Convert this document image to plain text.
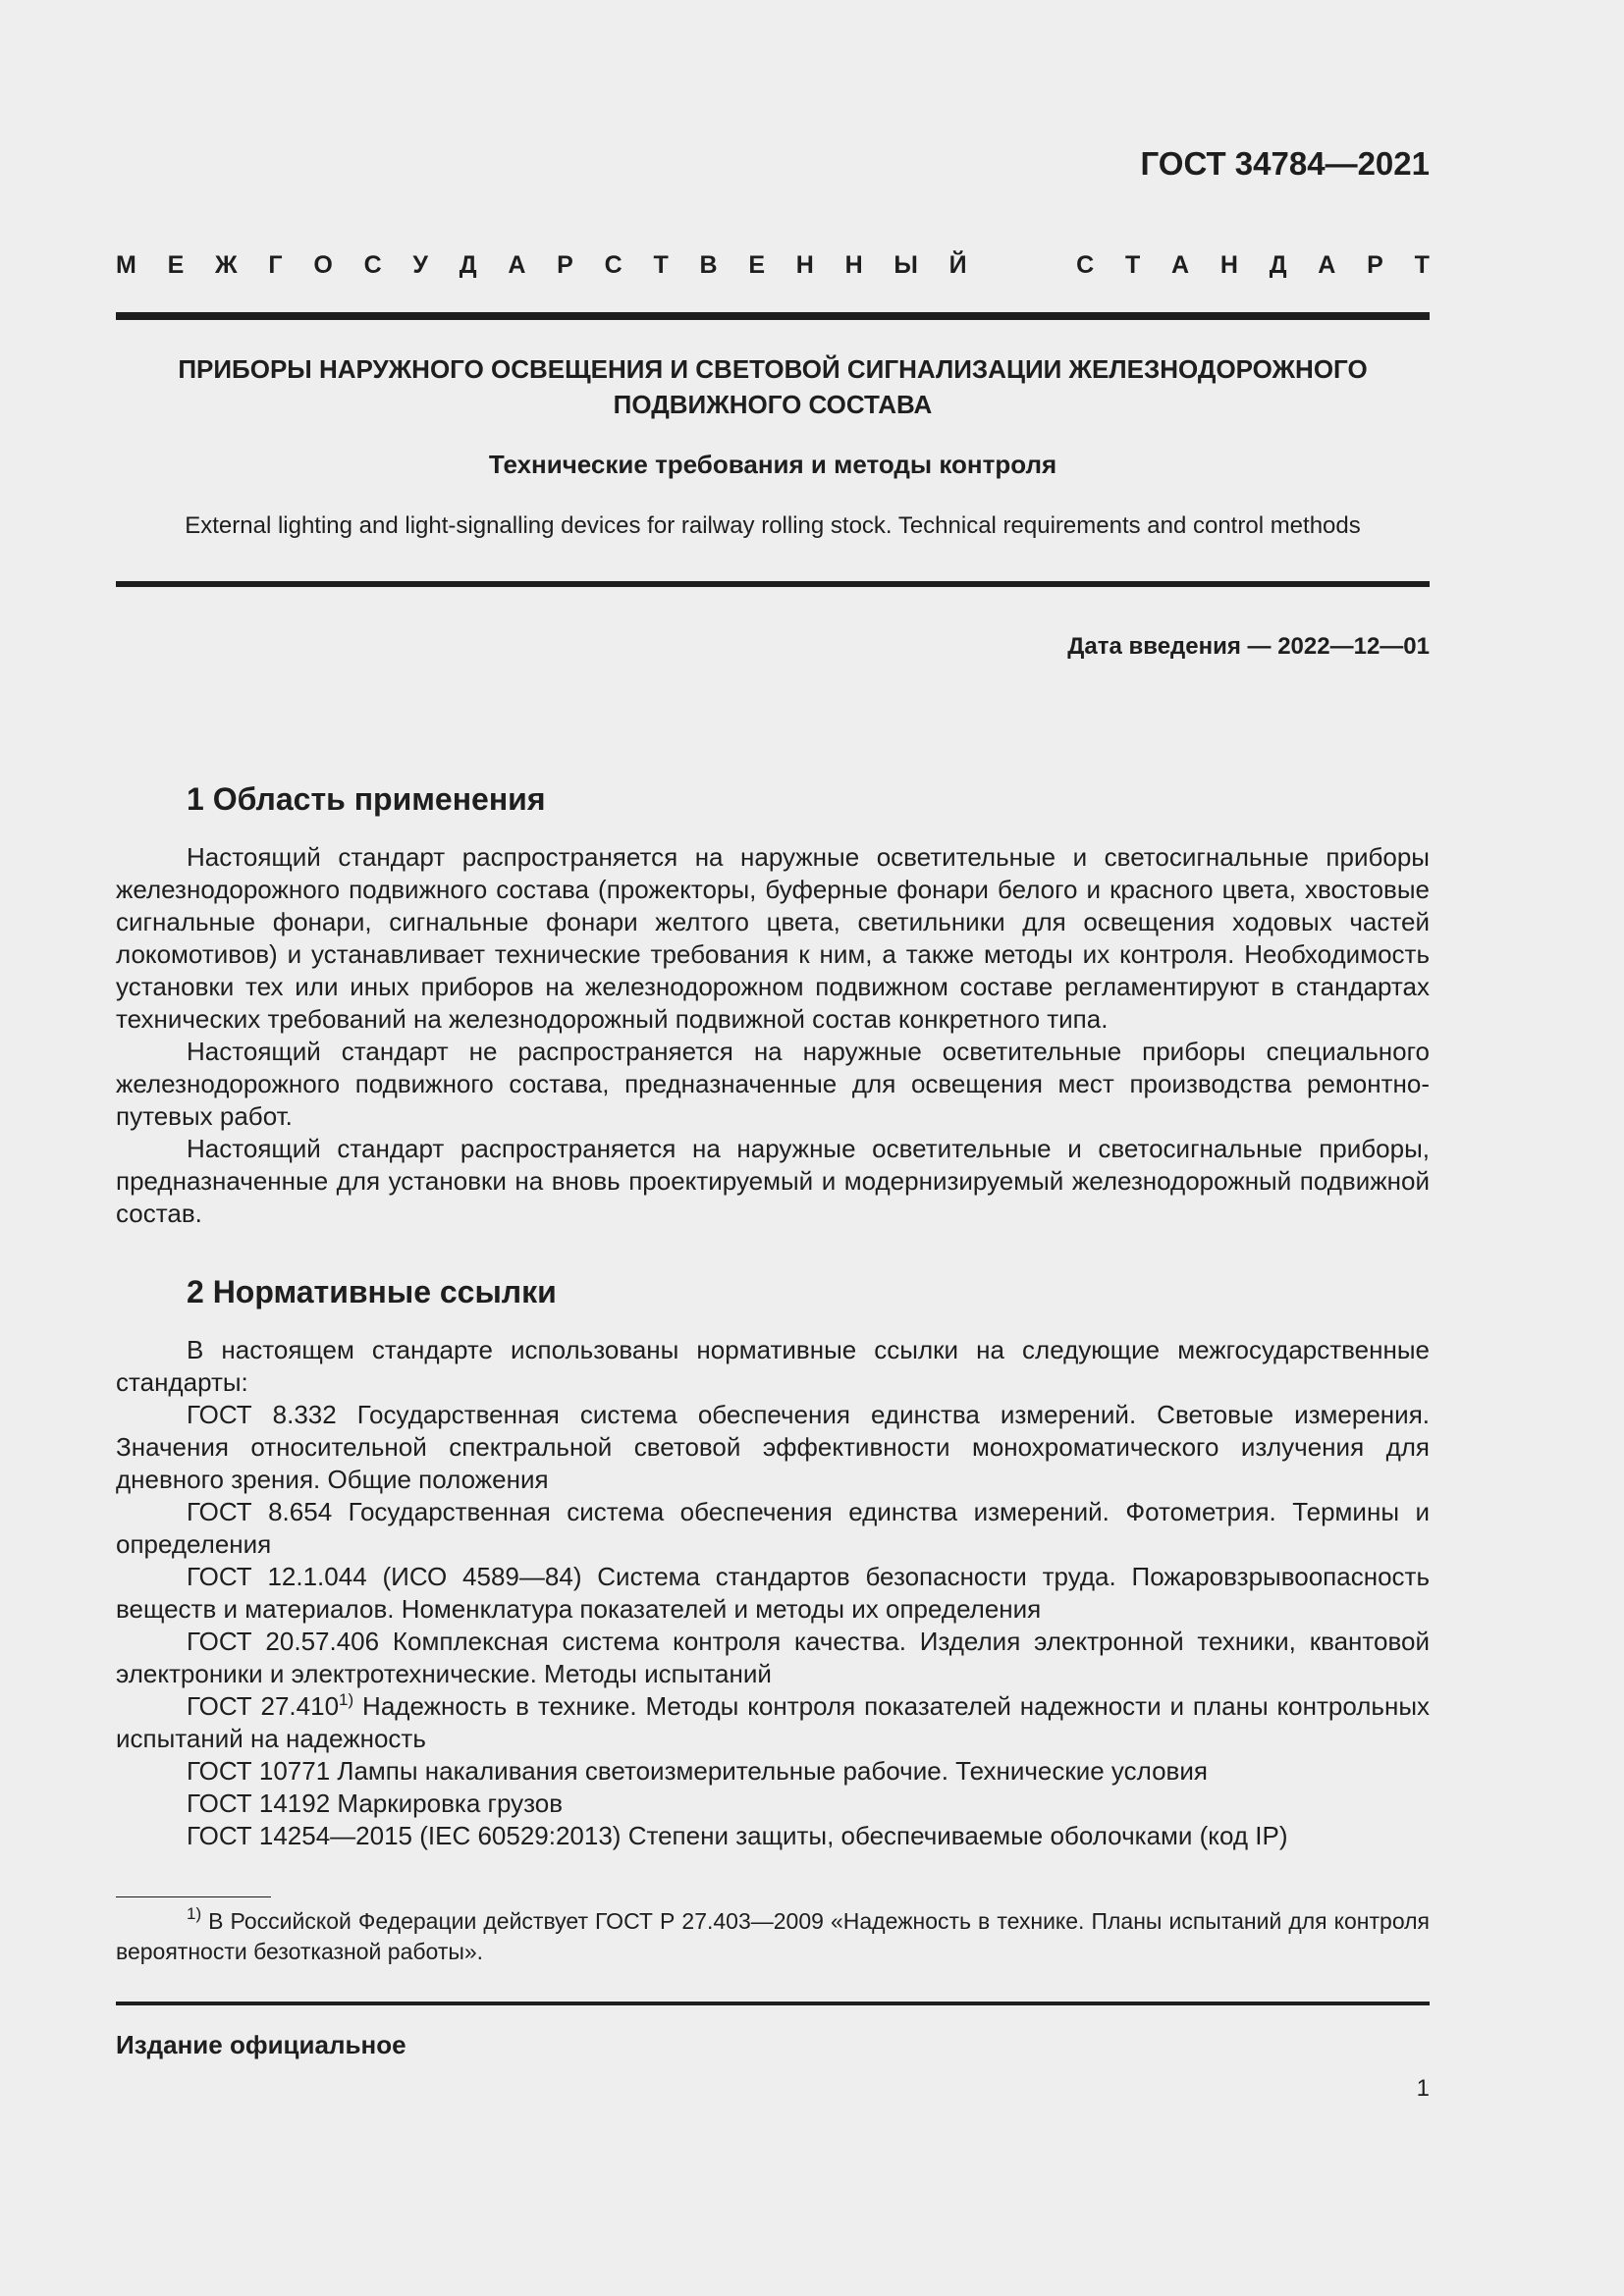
ГОСТ 34784—2021
М Е Ж Г О С У Д А Р С Т В Е Н Н Ы Й	С Т А Н Д А Р Т
ПРИБОРЫ НАРУЖНОГО ОСВЕЩЕНИЯ И СВЕТОВОЙ СИГНАЛИЗАЦИИ ЖЕЛЕЗНОДОРОЖНОГО
ПОДВИЖНОГО СОСТАВА
Технические требования и методы контроля
External lighting and light-signalling devices for railway rolling stock. Technical requirements and control methods
Дата введения — 2022—12—01
1 Область применения

Настоящий стандарт распространяется на наружные осветительные и светосигнальные приборы железнодорожного подвижного состава (прожекторы, буферные фонари белого и красного цвета, хвостовые сигнальные фонари, сигнальные фонари желтого цвета, светильники для освещения ходовых частей локомотивов) и устанавливает технические требования к ним, а также методы их контроля. Необходимость установки тех или иных приборов на железнодорожном подвижном составе регламентируют в стандартах технических требований на железнодорожный подвижной состав конкретного типа.

Настоящий стандарт не распространяется на наружные осветительные приборы специального железнодорожного подвижного состава, предназначенные для освещения мест производства ремонтно-путевых работ.

Настоящий стандарт распространяется на наружные осветительные и светосигнальные приборы, предназначенные для установки на вновь проектируемый и модернизируемый железнодорожный подвижной состав.

2 Нормативные ссылки

В настоящем стандарте использованы нормативные ссылки на следующие межгосударственные стандарты:

ГОСТ 8.332 Государственная система обеспечения единства измерений. Световые измерения. Значения относительной спектральной световой эффективности монохроматического излучения для дневного зрения. Общие положения

ГОСТ 8.654 Государственная система обеспечения единства измерений. Фотометрия. Термины и определения

ГОСТ 12.1.044 (ИСО 4589—84) Система стандартов безопасности труда. Пожаровзрывоопасность веществ и материалов. Номенклатура показателей и методы их определения

ГОСТ 20.57.406 Комплексная система контроля качества. Изделия электронной техники, квантовой электроники и электротехнические. Методы испытаний

ГОСТ 27.410$^{1)}$ Надежность в технике. Методы контроля показателей надежности и планы контрольных испытаний на надежность

ГОСТ 10771 Лампы накаливания светоизмерительные рабочие. Технические условия

ГОСТ 14192 Маркировка грузов

ГОСТ 14254—2015 (IEC 60529:2013) Степени защиты, обеспечиваемые оболочками (код IP)

$^{1)}$ В Российской Федерации действует ГОСТ Р 27.403—2009 «Надежность в технике. Планы испытаний для контроля вероятности безотказной работы».
Издание официальное
1
